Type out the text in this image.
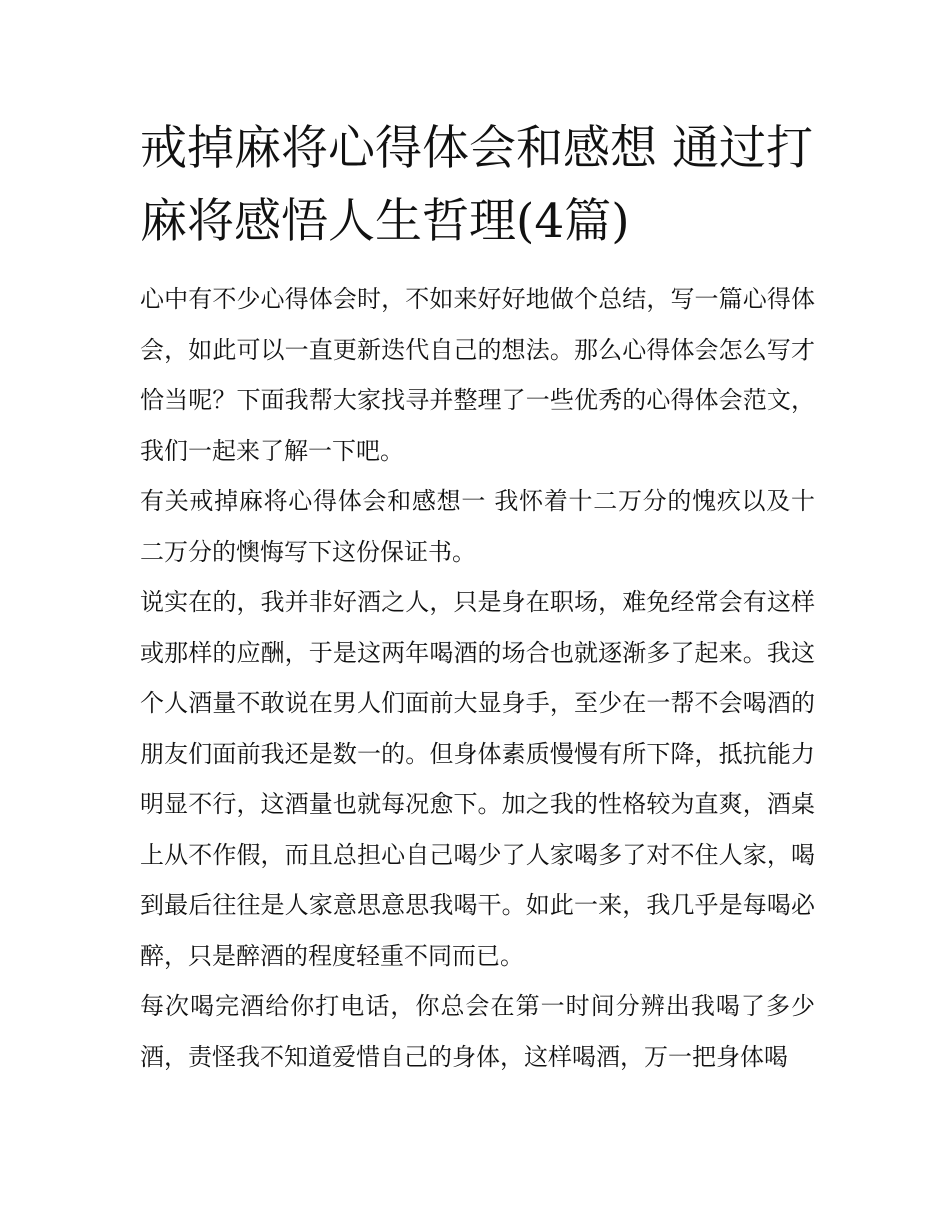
戒掉麻将心得体会和感想 通过打麻将感悟人生哲理(4篇)

心中有不少心得体会时，不如来好好地做个总结，写一篇心得体会，如此可以一直更新迭代自己的想法。那么心得体会怎么写才恰当呢？下面我帮大家找寻并整理了一些优秀的心得体会范文，我们一起来了解一下吧。

有关戒掉麻将心得体会和感想一 我怀着十二万分的愧疚以及十二万分的懊悔写下这份保证书。

说实在的，我并非好酒之人，只是身在职场，难免经常会有这样或那样的应酬，于是这两年喝酒的场合也就逐渐多了起来。我这个人酒量不敢说在男人们面前大显身手，至少在一帮不会喝酒的朋友们面前我还是数一的。但身体素质慢慢有所下降，抵抗能力明显不行，这酒量也就每况愈下。加之我的性格较为直爽，酒桌上从不作假，而且总担心自己喝少了人家喝多了对不住人家，喝到最后往往是人家意思意思我喝干。如此一来，我几乎是每喝必醉，只是醉酒的程度轻重不同而已。

每次喝完酒给你打电话，你总会在第一时间分辨出我喝了多少酒，责怪我不知道爱惜自己的身体，这样喝酒，万一把身体喝
